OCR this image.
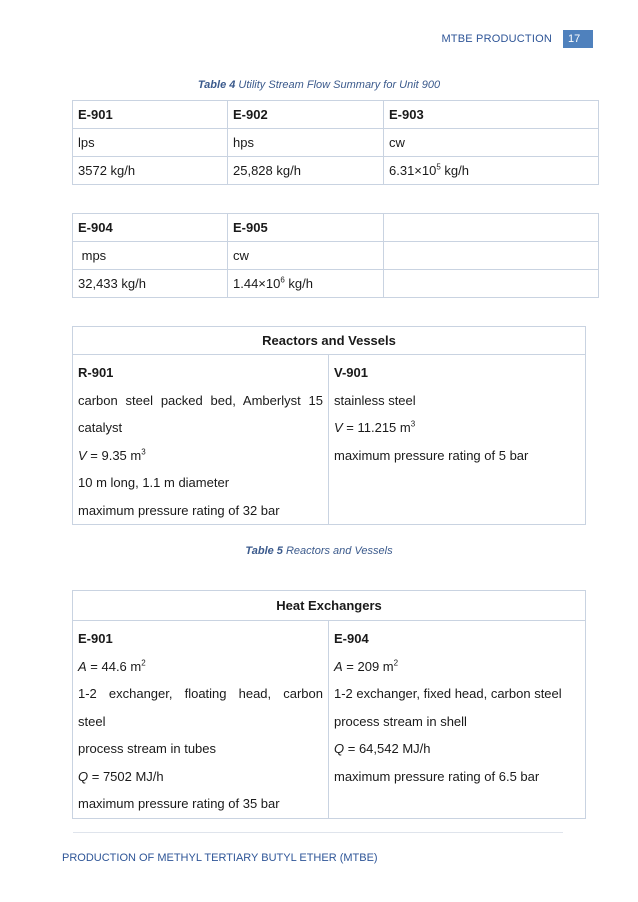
MTBE PRODUCTION	17
Table 4 Utility Stream Flow Summary for Unit 900
E-901	E-902	E-903
lps	hps	cw
3572 kg/h	25,828 kg/h	$6.31\times 10^5$ kg/h
E-904	E-905	
mps	cw	
32,433 kg/h	$1.44\times 10^6$ kg/h	
Reactors and Vessels

R-901
carbon steel packed bed, Amberlyst 15
catalyst
V = 9.35 $m^3$
10 m long, 1.1 m diameter
maximum pressure rating of 32 bar

V-901
stainless steel
V = 11.215 $m^3$
maximum pressure rating of 5 bar
Table 5 Reactors and Vessels
Heat Exchangers

E-901
A = 44.6 $m^2$
1-2 exchanger, floating head, carbon
steel
process stream in tubes
Q = 7502 MJ/h
maximum pressure rating of 35 bar

E-904
A = 209 $m^2$
1-2 exchanger, fixed head, carbon steel
process stream in shell
Q = 64,542 MJ/h
maximum pressure rating of 6.5 bar
PRODUCTION OF METHYL TERTIARY BUTYL ETHER (MTBE)
